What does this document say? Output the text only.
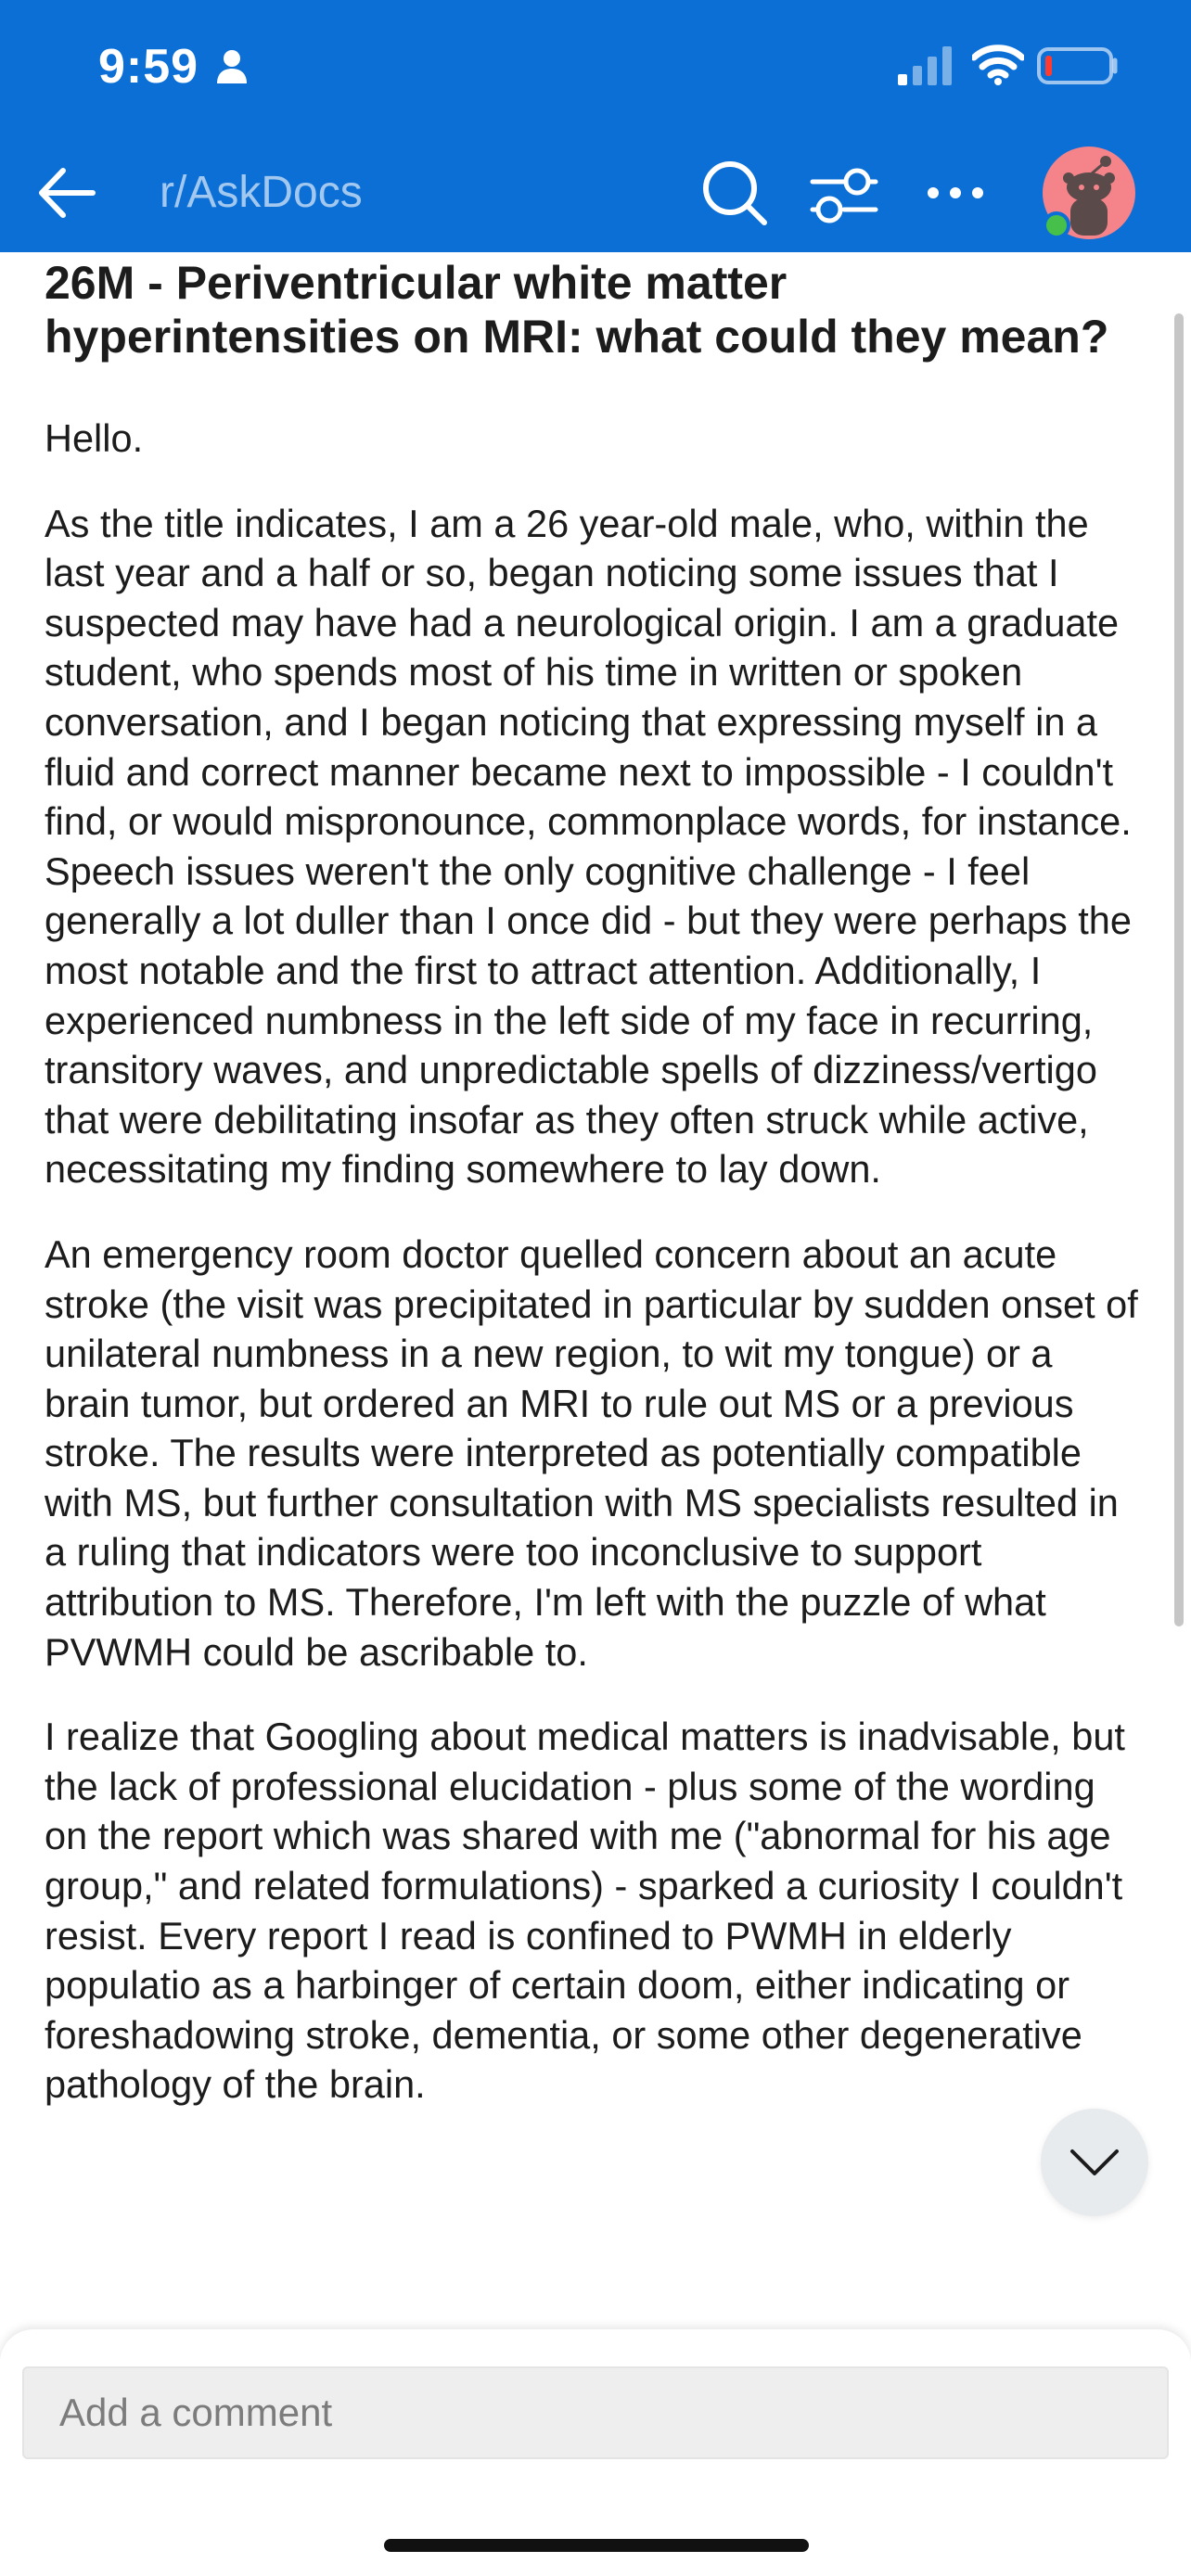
9:59
r/AskDocs
26M - Periventricular white matter hyperintensities on MRI: what could they mean?

Hello.

As the title indicates, I am a 26 year-old male, who, within the last year and a half or so, began noticing some issues that I suspected may have had a neurological origin. I am a graduate student, who spends most of his time in written or spoken conversation, and I began noticing that expressing myself in a fluid and correct manner became next to impossible - I couldn't find, or would mispronounce, commonplace words, for instance. Speech issues weren't the only cognitive challenge - I feel generally a lot duller than I once did - but they were perhaps the most notable and the first to attract attention. Additionally, I experienced numbness in the left side of my face in recurring, transitory waves, and unpredictable spells of dizziness/vertigo that were debilitating insofar as they often struck while active, necessitating my finding somewhere to lay down.

An emergency room doctor quelled concern about an acute stroke (the visit was precipitated in particular by sudden onset of unilateral numbness in a new region, to wit my tongue) or a brain tumor, but ordered an MRI to rule out MS or a previous stroke. The results were interpreted as potentially compatible with MS, but further consultation with MS specialists resulted in a ruling that indicators were too inconclusive to support attribution to MS. Therefore, I'm left with the puzzle of what PVWMH could be ascribable to.

I realize that Googling about medical matters is inadvisable, but the lack of professional elucidation - plus some of the wording on the report which was shared with me ("abnormal for his age group," and related formulations) - sparked a curiosity I couldn't resist. Every report I read is confined to PWMH in elderly populatio as a harbinger of certain doom, either indicating or foreshadowing stroke, dementia, or some other degenerative pathology of the brain.

Add a comment
